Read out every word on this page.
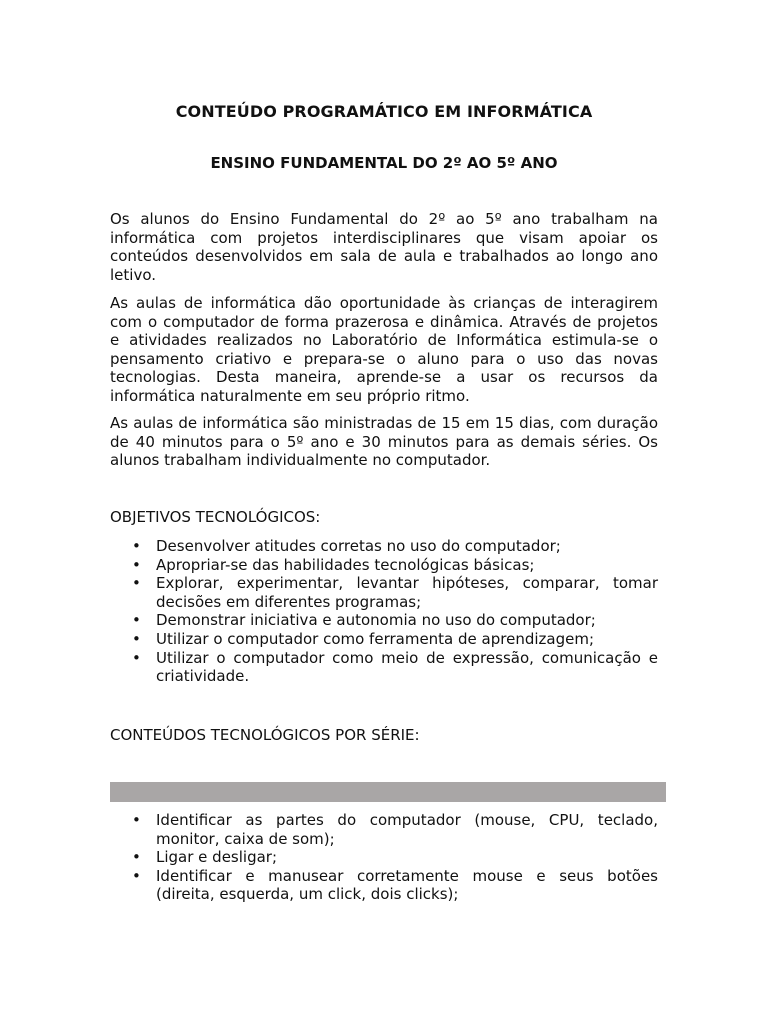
CONTEÚDO PROGRAMÁTICO EM INFORMÁTICA
ENSINO FUNDAMENTAL DO 2º AO 5º ANO

Os alunos do Ensino Fundamental do 2º ao 5º ano trabalham na informática com projetos interdisciplinares que visam apoiar os conteúdos desenvolvidos em sala de aula e trabalhados ao longo ano letivo.

As aulas de informática dão oportunidade às crianças de interagirem com o computador de forma prazerosa e dinâmica. Através de projetos e atividades realizados no Laboratório de Informática estimula-se o pensamento criativo e prepara-se o aluno para o uso das novas tecnologias. Desta maneira, aprende-se a usar os recursos da informática naturalmente em seu próprio ritmo.

As aulas de informática são ministradas de 15 em 15 dias, com duração de 40 minutos para o 5º ano e 30 minutos para as demais séries. Os alunos trabalham individualmente no computador.

OBJETIVOS TECNOLÓGICOS:

• Desenvolver atitudes corretas no uso do computador;
• Apropriar-se das habilidades tecnológicas básicas;
• Explorar, experimentar, levantar hipóteses, comparar, tomar decisões em diferentes programas;
• Demonstrar iniciativa e autonomia no uso do computador;
• Utilizar o computador como ferramenta de aprendizagem;
• Utilizar o computador como meio de expressão, comunicação e criatividade.

CONTEÚDOS TECNOLÓGICOS POR SÉRIE:

• Identificar as partes do computador (mouse, CPU, teclado, monitor, caixa de som);
• Ligar e desligar;
• Identificar e manusear corretamente mouse e seus botões (direita, esquerda, um click, dois clicks);
